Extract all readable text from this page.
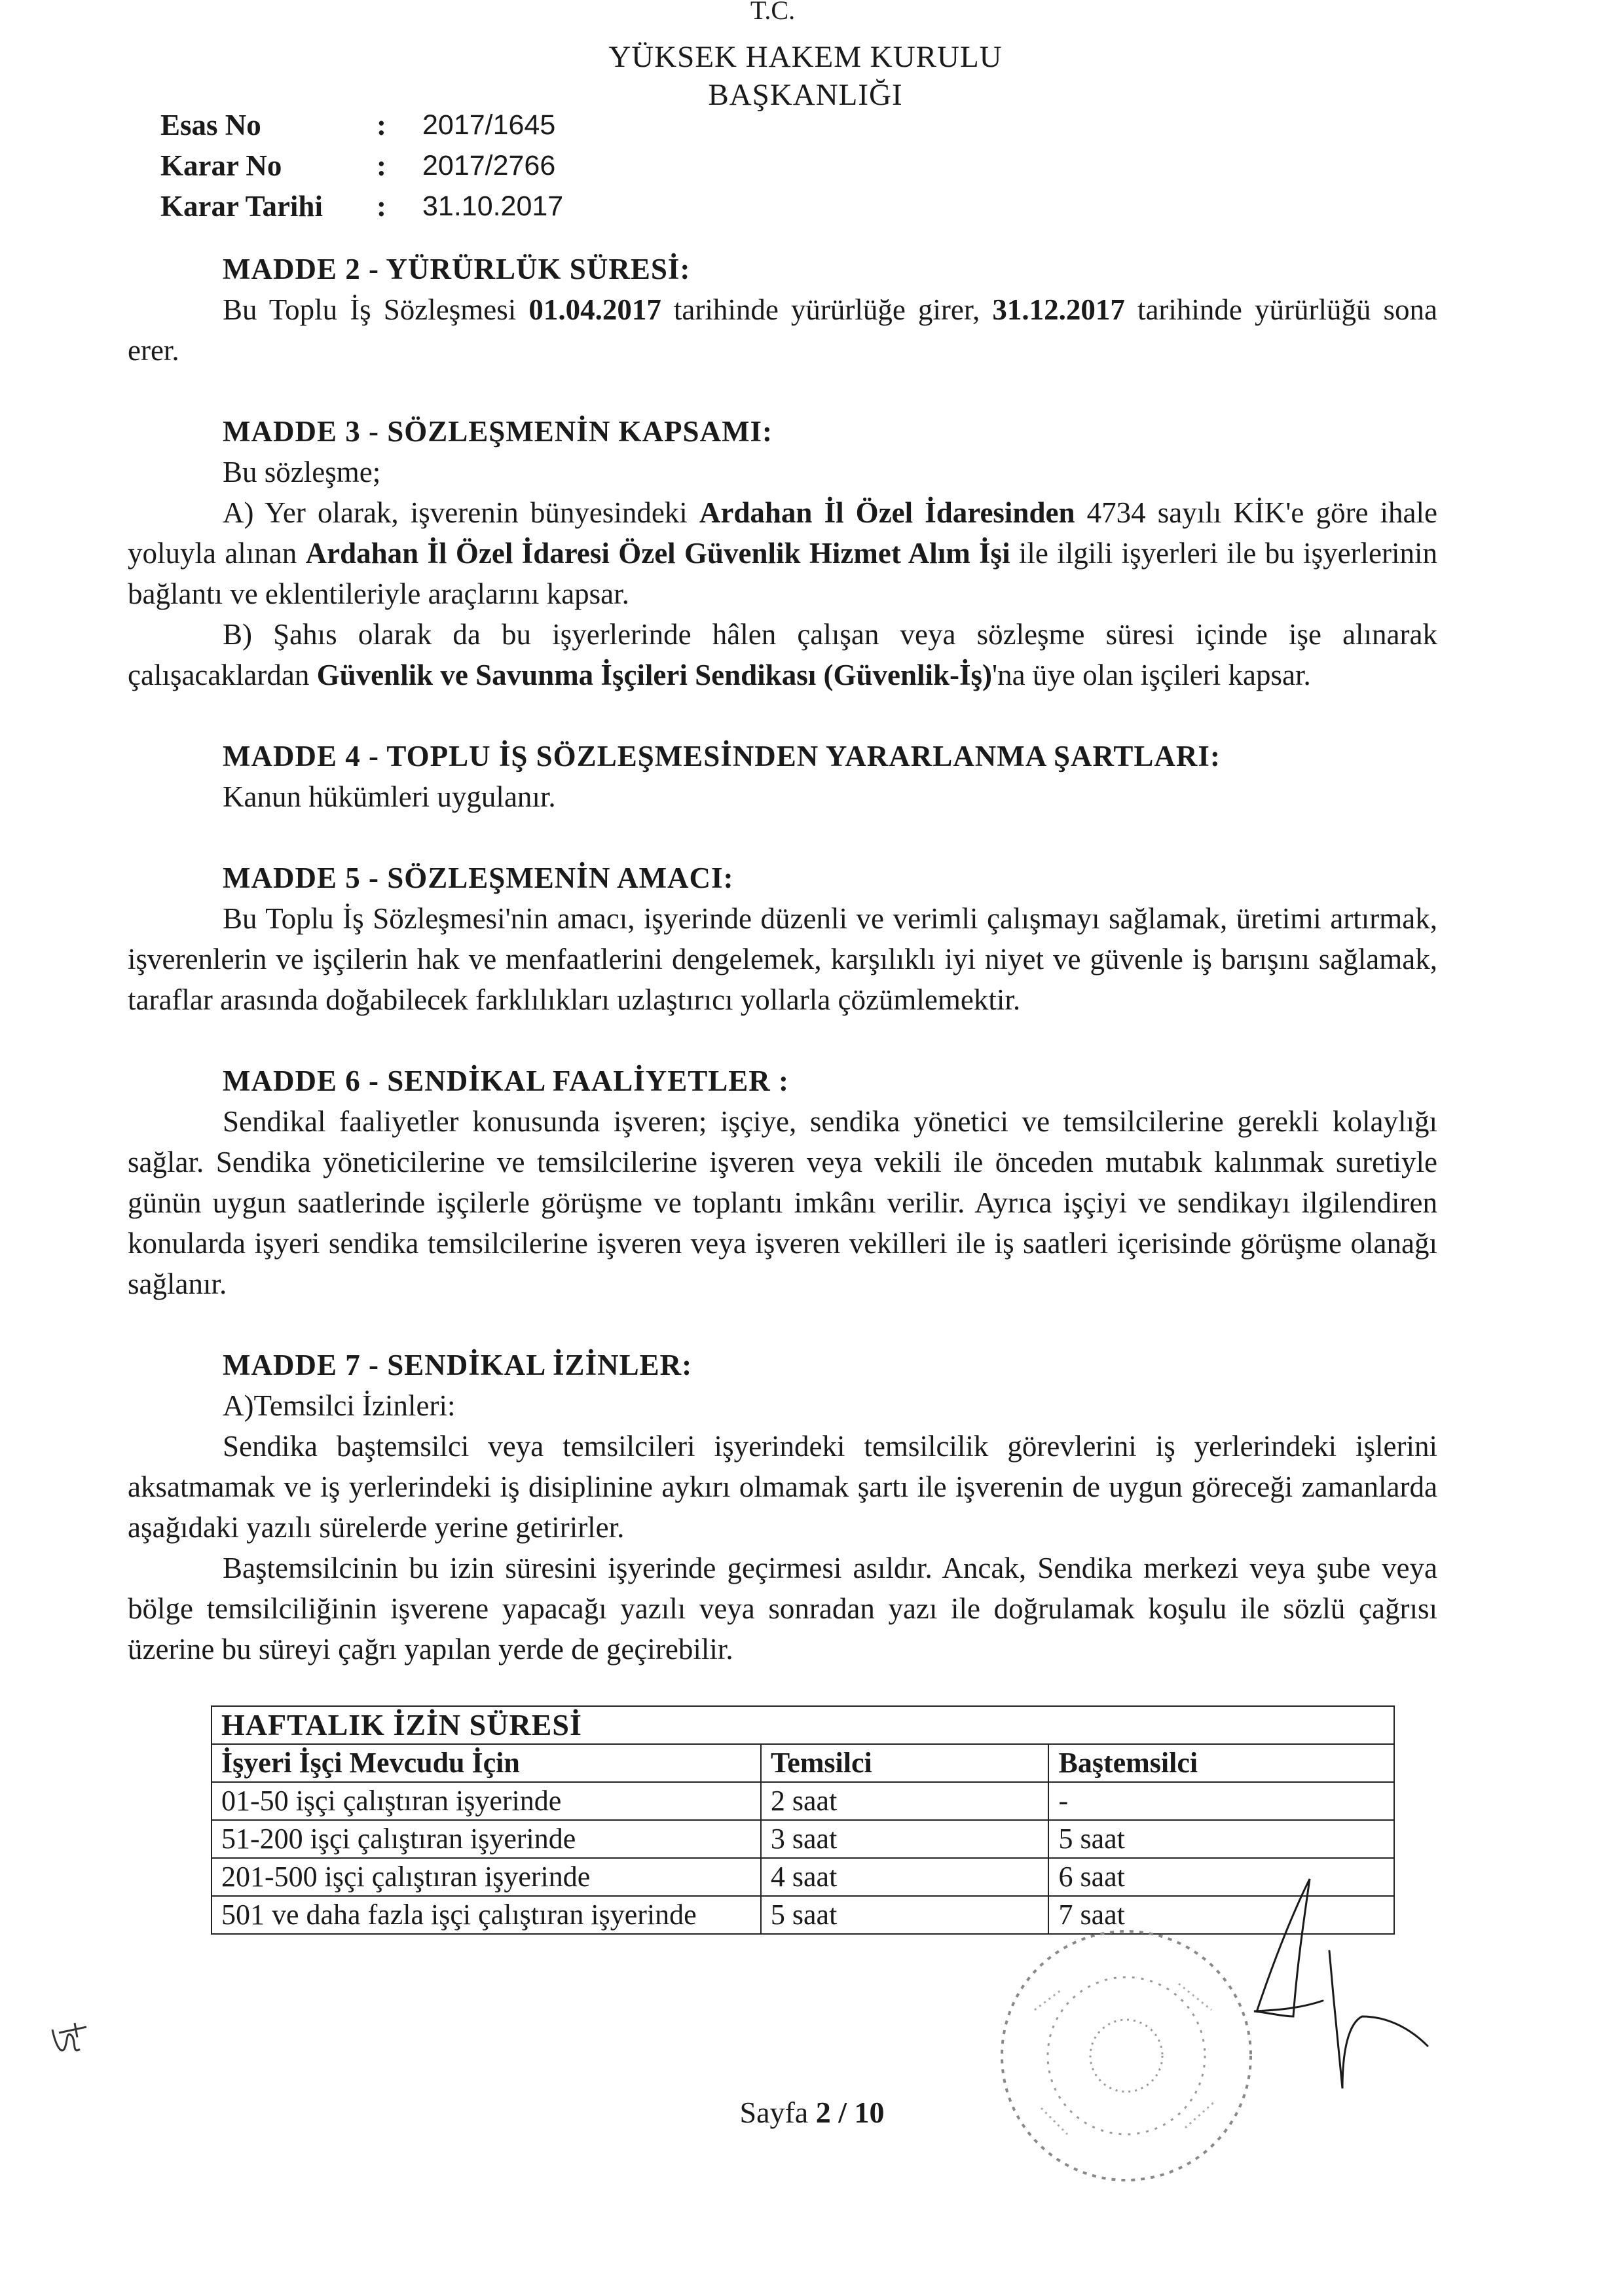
T.C.
YÜKSEK HAKEM KURULU
BAŞKANLIĞI
Esas No	:	2017/1645
Karar No	:	2017/2766
Karar Tarihi	:	31.10.2017
MADDE 2 - YÜRÜRLÜK SÜRESİ:
Bu Toplu İş Sözleşmesi 01.04.2017 tarihinde yürürlüğe girer, 31.12.2017 tarihinde yürürlüğü sona erer.
MADDE 3 - SÖZLEŞMENİN KAPSAMI:
Bu sözleşme;
A) Yer olarak, işverenin bünyesindeki Ardahan İl Özel İdaresinden 4734 sayılı KİK'e göre ihale yoluyla alınan Ardahan İl Özel İdaresi Özel Güvenlik Hizmet Alım İşi ile ilgili işyerleri ile bu işyerlerinin bağlantı ve eklentileriyle araçlarını kapsar.
B) Şahıs olarak da bu işyerlerinde hâlen çalışan veya sözleşme süresi içinde işe alınarak çalışacaklardan Güvenlik ve Savunma İşçileri Sendikası (Güvenlik-İş)'na üye olan işçileri kapsar.
MADDE 4 - TOPLU İŞ SÖZLEŞMESİNDEN YARARLANMA ŞARTLARI:
Kanun hükümleri uygulanır.
MADDE 5 - SÖZLEŞMENİN AMACI:
Bu Toplu İş Sözleşmesi'nin amacı, işyerinde düzenli ve verimli çalışmayı sağlamak, üretimi artırmak, işverenlerin ve işçilerin hak ve menfaatlerini dengelemek, karşılıklı iyi niyet ve güvenle iş barışını sağlamak, taraflar arasında doğabilecek farklılıkları uzlaştırıcı yollarla çözümlemektir.
MADDE 6 - SENDİKAL FAALİYETLER :
Sendikal faaliyetler konusunda işveren; işçiye, sendika yönetici ve temsilcilerine gerekli kolaylığı sağlar. Sendika yöneticilerine ve temsilcilerine işveren veya vekili ile önceden mutabık kalınmak suretiyle günün uygun saatlerinde işçilerle görüşme ve toplantı imkânı verilir. Ayrıca işçiyi ve sendikayı ilgilendiren konularda işyeri sendika temsilcilerine işveren veya işveren vekilleri ile iş saatleri içerisinde görüşme olanağı sağlanır.
MADDE 7 - SENDİKAL İZİNLER:
A)Temsilci İzinleri:
Sendika baştemsilci veya temsilcileri işyerindeki temsilcilik görevlerini iş yerlerindeki işlerini aksatmamak ve iş yerlerindeki iş disiplinine aykırı olmamak şartı ile işverenin de uygun göreceği zamanlarda aşağıdaki yazılı sürelerde yerine getirirler.
Baştemsilcinin bu izin süresini işyerinde geçirmesi asıldır. Ancak, Sendika merkezi veya şube veya bölge temsilciliğinin işverene yapacağı yazılı veya sonradan yazı ile doğrulamak koşulu ile sözlü çağrısı üzerine bu süreyi çağrı yapılan yerde de geçirebilir.
HAFTALIK İZİN SÜRESİ		
İşyeri İşçi Mevcudu İçin	Temsilci	Baştemsilci
01-50 işçi çalıştıran işyerinde	2 saat	-
51-200 işçi çalıştıran işyerinde	3 saat	5 saat
201-500 işçi çalıştıran işyerinde	4 saat	6 saat
501 ve daha fazla işçi çalıştıran işyerinde	5 saat	7 saat
Sayfa 2 / 10
